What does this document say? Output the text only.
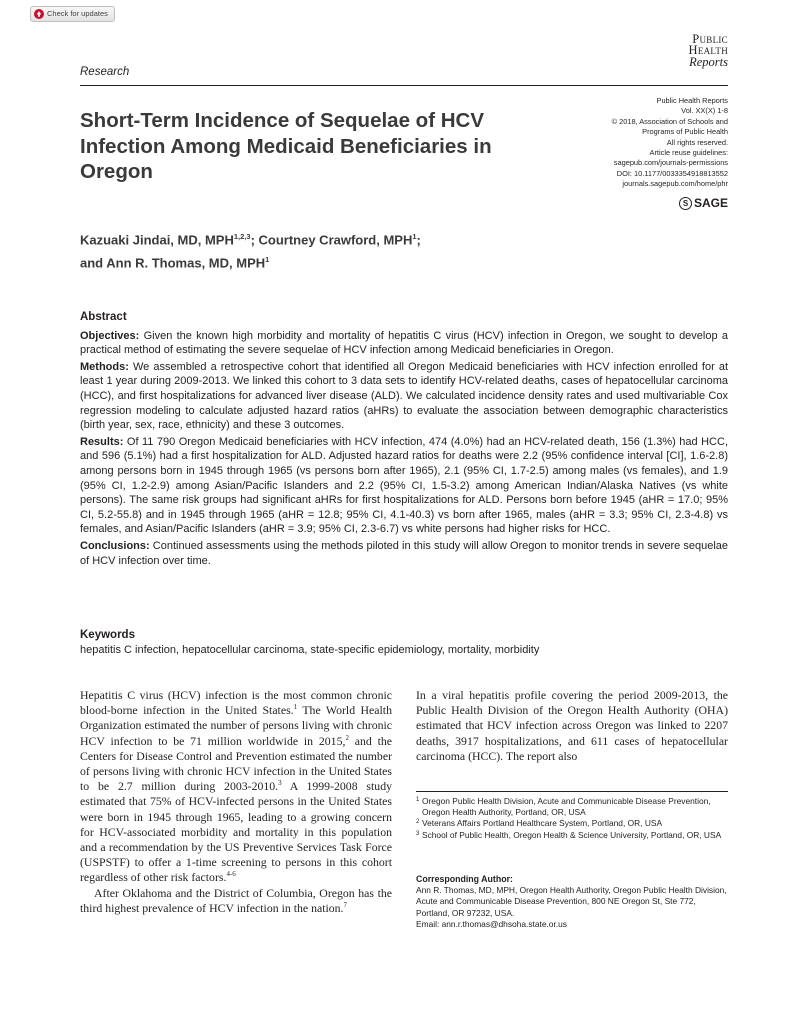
Check for updates
Public
Health
Reports
Research
Short-Term Incidence of Sequelae of HCV Infection Among Medicaid Beneficiaries in Oregon
Public Health Reports
Vol. XX(X) 1-8
© 2018, Association of Schools and
Programs of Public Health
All rights reserved.
Article reuse guidelines:
sagepub.com/journals-permissions
DOI: 10.1177/0033354918813552
journals.sagepub.com/home/phr
S SAGE
Kazuaki Jindai, MD, MPH$^{1,2,3}$; Courtney Crawford, MPH$^1$;
and Ann R. Thomas, MD, MPH$^1$
Abstract

Objectives: Given the known high morbidity and mortality of hepatitis C virus (HCV) infection in Oregon, we sought to develop a practical method of estimating the severe sequelae of HCV infection among Medicaid beneficiaries in Oregon.

Methods: We assembled a retrospective cohort that identified all Oregon Medicaid beneficiaries with HCV infection enrolled for at least 1 year during 2009-2013. We linked this cohort to 3 data sets to identify HCV-related deaths, cases of hepatocellular carcinoma (HCC), and first hospitalizations for advanced liver disease (ALD). We calculated incidence density rates and used multivariable Cox regression modeling to calculate adjusted hazard ratios (aHRs) to evaluate the association between demographic characteristics (birth year, sex, race, ethnicity) and these 3 outcomes.

Results: Of 11 790 Oregon Medicaid beneficiaries with HCV infection, 474 (4.0%) had an HCV-related death, 156 (1.3%) had HCC, and 596 (5.1%) had a first hospitalization for ALD. Adjusted hazard ratios for deaths were 2.2 (95% confidence interval [CI], 1.6-2.8) among persons born in 1945 through 1965 (vs persons born after 1965), 2.1 (95% CI, 1.7-2.5) among males (vs females), and 1.9 (95% CI, 1.2-2.9) among Asian/Pacific Islanders and 2.2 (95% CI, 1.5-3.2) among American Indian/Alaska Natives (vs white persons). The same risk groups had significant aHRs for first hospitalizations for ALD. Persons born before 1945 (aHR = 17.0; 95% CI, 5.2-55.8) and in 1945 through 1965 (aHR = 12.8; 95% CI, 4.1-40.3) vs born after 1965, males (aHR = 3.3; 95% CI, 2.3-4.8) vs females, and Asian/Pacific Islanders (aHR = 3.9; 95% CI, 2.3-6.7) vs white persons had higher risks for HCC.

Conclusions: Continued assessments using the methods piloted in this study will allow Oregon to monitor trends in severe sequelae of HCV infection over time.

Keywords
hepatitis C infection, hepatocellular carcinoma, state-specific epidemiology, mortality, morbidity

Hepatitis C virus (HCV) infection is the most common chronic blood-borne infection in the United States.$^1$ The World Health Organization estimated the number of persons living with chronic HCV infection to be 71 million worldwide in 2015,$^2$ and the Centers for Disease Control and Prevention estimated the number of persons living with chronic HCV infection in the United States to be 2.7 million during 2003-2010.$^3$ A 1999-2008 study estimated that 75% of HCV-infected persons in the United States were born in 1945 through 1965, leading to a growing concern for HCV-associated morbidity and mortality in this population and a recommendation by the US Preventive Services Task Force (USPSTF) to offer a 1-time screening to persons in this cohort regardless of other risk factors.$^{4-6}$

After Oklahoma and the District of Columbia, Oregon has the third highest prevalence of HCV infection in the nation.$^7$

In a viral hepatitis profile covering the period 2009-2013, the Public Health Division of the Oregon Health Authority (OHA) estimated that HCV infection across Oregon was linked to 2207 deaths, 3917 hospitalizations, and 611 cases of hepatocellular carcinoma (HCC). The report also

1 Oregon Public Health Division, Acute and Communicable Disease Prevention, Oregon Health Authority, Portland, OR, USA
2 Veterans Affairs Portland Healthcare System, Portland, OR, USA
3 School of Public Health, Oregon Health & Science University, Portland, OR, USA
Corresponding Author:
Ann R. Thomas, MD, MPH, Oregon Health Authority, Oregon Public Health Division, Acute and Communicable Disease Prevention, 800 NE Oregon St, Ste 772, Portland, OR 97232, USA.
Email: ann.r.thomas@dhsoha.state.or.us
